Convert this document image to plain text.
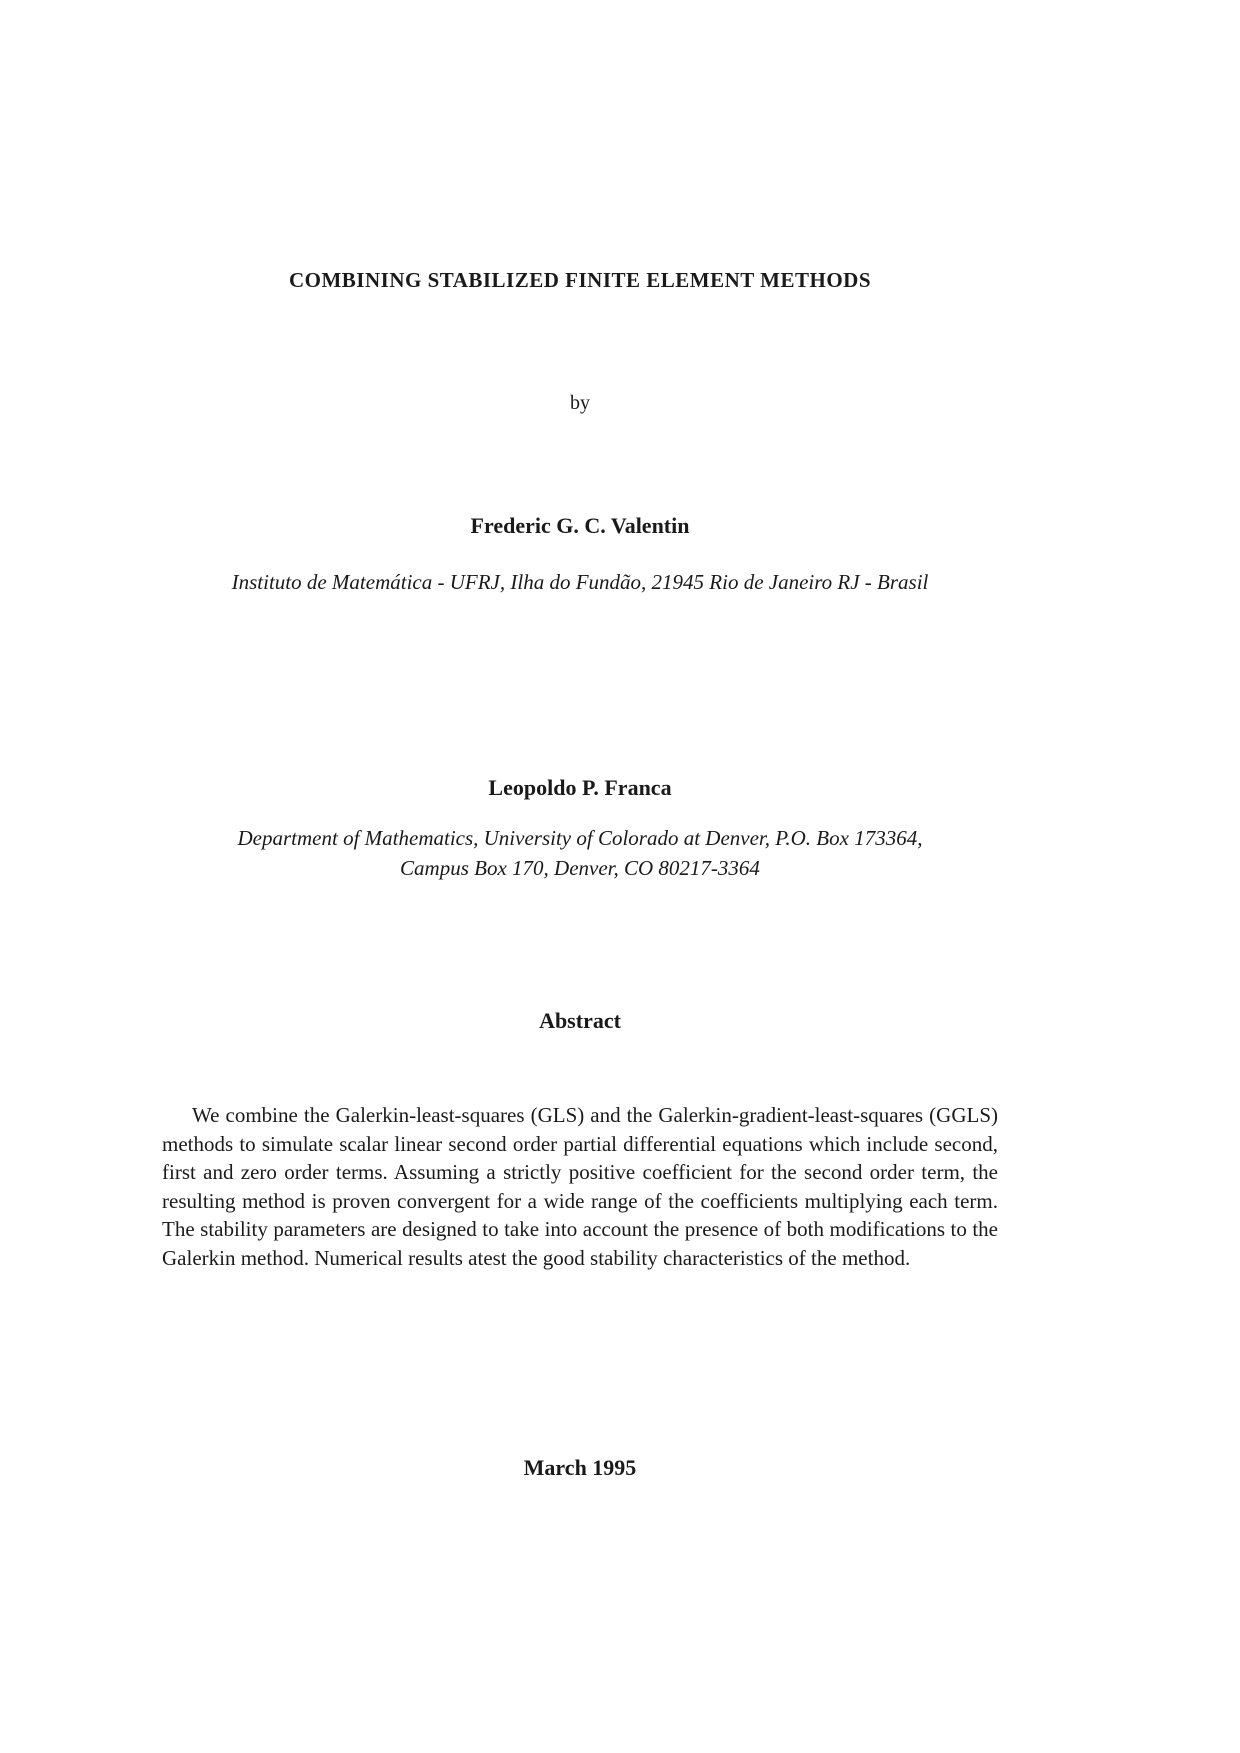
COMBINING STABILIZED FINITE ELEMENT METHODS
by
Frederic G. C. Valentin
Instituto de Matemática - UFRJ, Ilha do Fundão, 21945 Rio de Janeiro RJ - Brasil
Leopoldo P. Franca
Department of Mathematics, University of Colorado at Denver, P.O. Box 173364,
Campus Box 170, Denver, CO 80217-3364
Abstract
We combine the Galerkin-least-squares (GLS) and the Galerkin-gradient-least-squares (GGLS) methods to simulate scalar linear second order partial differential equations which include second, first and zero order terms. Assuming a strictly positive coefficient for the second order term, the resulting method is proven convergent for a wide range of the coefficients multiplying each term. The stability parameters are designed to take into account the presence of both modifications to the Galerkin method. Numerical results atest the good stability characteristics of the method.
March 1995
